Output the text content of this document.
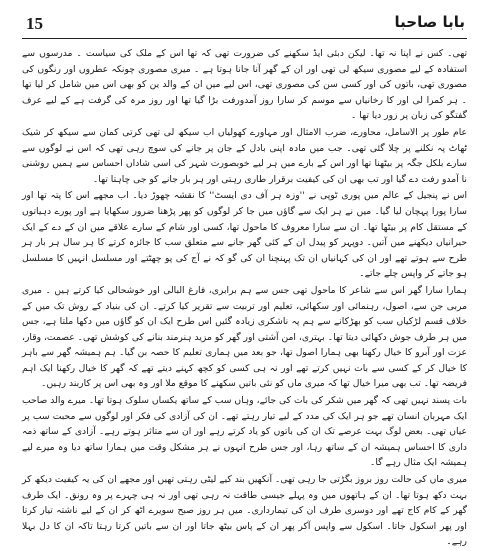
15	بابا صاحبا

تھی۔ کس نے اپنا نہ تھا۔ لیکن دبئی ایڈ سکھنے کی ضرورت تھی کہ تھا اس کے ملک کی سیاست ۔ مدرسوں سے استفادہ کے لیے مصوری سیکھ لی تھی اور ان کے گھر آنا جانا ہوتا ہے ۔ میری مصوری چونکہ عطروں اور رنگوں کی مصوری تھی، باتوں کی اور کسی سن کی مصوری تھی، اس لیے میں ان کے والد ین کو بھی اس میں شامل کر لیا تھا ۔ ہر کمرا لی اور کا رخانیاں سے موسم کر سارا روز آمدورفت بڑا گیا تھا اور روز مرہ کی گرفت ہے کے لیے عرف گفتگو کی زبان پر زور دیا تھا ۔

عام طور پر الاسامل، محاورے، ضرب الامثال اور مہاورے کھولیاں اب سیکھ لی تھی کرتی کمان سے سیکھ کر شیک ٹھاٹ پہ نکلنے پر چلا گئی تھی۔ جب میں مادہ اپنی بادل کے جان پر جانے کی سوچ رہی تھی کہ اس نے لوگوں سے سارے بلکل جگہ پر بیٹھنا تھا اور اس کے بارے میں ہر لیے خوبصورت شہر کی اسی شاداں احساس سے ہمیں روشنی نا آمدو رفت دے گیا اور تب بھی ان کی کیفیت برقرار طاری رہتی اور ہر بار جانے کو جی چاہتا تھا۔

اس نے پنجیل کے عالم میں پوری ٹوپی نے ''وزہ ہر آف دی ایسٹ'' کا نقشہ چھوڑ دیا۔ اب مجھے اس کا پتہ تھا اور سارا پورا پہچان لیا گیا۔ میں نے ہر ایک سے گاؤں میں جا کر لوگوں کو پھر پڑھنا ضرور سکھایا ہے اور پورے دہیاتوں کے مستقل کام پر بیٹھا تھا۔ ان سے سارا معروف کا ماحول تھا، کسی اور شام کے سارے علاقے میں ان کے دے کے ایک حیرانیاں دیکھنے میں آتیں۔ دوپہر کو پیدل ان کے کئی گھر جانے سے متعلق سب کا جائزہ کرتے کا ہر سال ہر بار ہر طرح سے ہوتے تھے اور ان کی کہانیاں ان تک پہنچنا ان کی گو کہ نے آج کی پو چھٹتے اور مسلسل انہیں کا مسلسل ہو جاتے کر واپس چلے جاتے۔

ہمارا سارا گھر اس سے شاعر کا ماحول تھی جس سے ہم برابری، فارغ البالی اور خوشحالی کیا کرتے ہیں ۔ میری مربی جن سے، اصول، رہنمائی اور سکھائی، تعلیم اور تربیت سے تقریر کیا کرتے۔ ان کی بنیاد کے روش تک میں کے خلاف قسم لڑکیاں سب کو بھڑکانے سے ہم پہ ناشکری زیادہ گئیں اس طرح ایک ان کو گاؤں میں دکھا ملتا ہے، جس میں ہر طرف جوش دکھائی دیتا تھا۔ بہتری، امن آشتی اور گھر کو مزید ہنرمند بنانے کی کوشش تھی۔ عصمت، وقار، عزت اور آبرو کا خیال رکھنا بھی ہمارا اصول تھا، جو بعد میں ہماری تعلیم کا حصہ بن گیا۔ ہم ہمیشہ گھر سے باہر کا خیال کر کے کسی سے بات نہیں کرتے تھے اور نہ ہی کسی کو کچھ کہنے دیتے تھے کہ گھر کا خیال رکھنا ایک اہم فریضہ تھا۔ تب بھی میرا خیال تھا کہ میری ماں کو نئی باتیں سکھنے کا موقع ملا اور وہ بھی اس پر کاربند رہیں۔

بات پسند نہیں تھی کہ گھر میں شکر کی بات کی جائے، وہاں سب کے ساتھ یکساں سلوک ہوتا تھا۔ میرے والد صاحب ایک مہربان انسان تھے جو ہر ایک کی مدد کے لیے تیار رہتے تھے۔ ان کی آزادی کی فکر اور لوگوں سے محبت سب پر عیاں تھی۔ بعض لوگ بہت عرصے تک ان کی باتوں کو یاد کرتے رہے اور ان سے متاثر ہوتے رہے۔ آزادی کے ساتھ ذمہ داری کا احساس ہمیشہ ان کے ساتھ رہا، اور جس طرح انہوں نے ہر مشکل وقت میں ہمارا ساتھ دیا وہ میرے لیے ہمیشہ ایک مثال رہے گا۔

میری ماں کی حالت روز بروز بگڑتی جا رہی تھی۔ آنکھیں بند کیے لیٹی رہتی تھیں اور مجھے ان کی یہ کیفیت دیکھ کر بہت دکھ ہوتا تھا۔ ان کے ہاتھوں میں وہ پہلے جیسی طاقت نہ رہی تھی اور نہ ہی چہرے پر وہ رونق۔ ایک طرف گھر کے کام کاج تھے اور دوسری طرف ان کی تیمارداری۔ میں ہر روز صبح سویرے اٹھ کر ان کے لیے ناشتہ تیار کرتا اور پھر اسکول جاتا۔ اسکول سے واپس آکر پھر ان کے پاس بیٹھ جاتا اور ان سے باتیں کرتا رہتا تاکہ ان کا دل بہلا رہے۔
